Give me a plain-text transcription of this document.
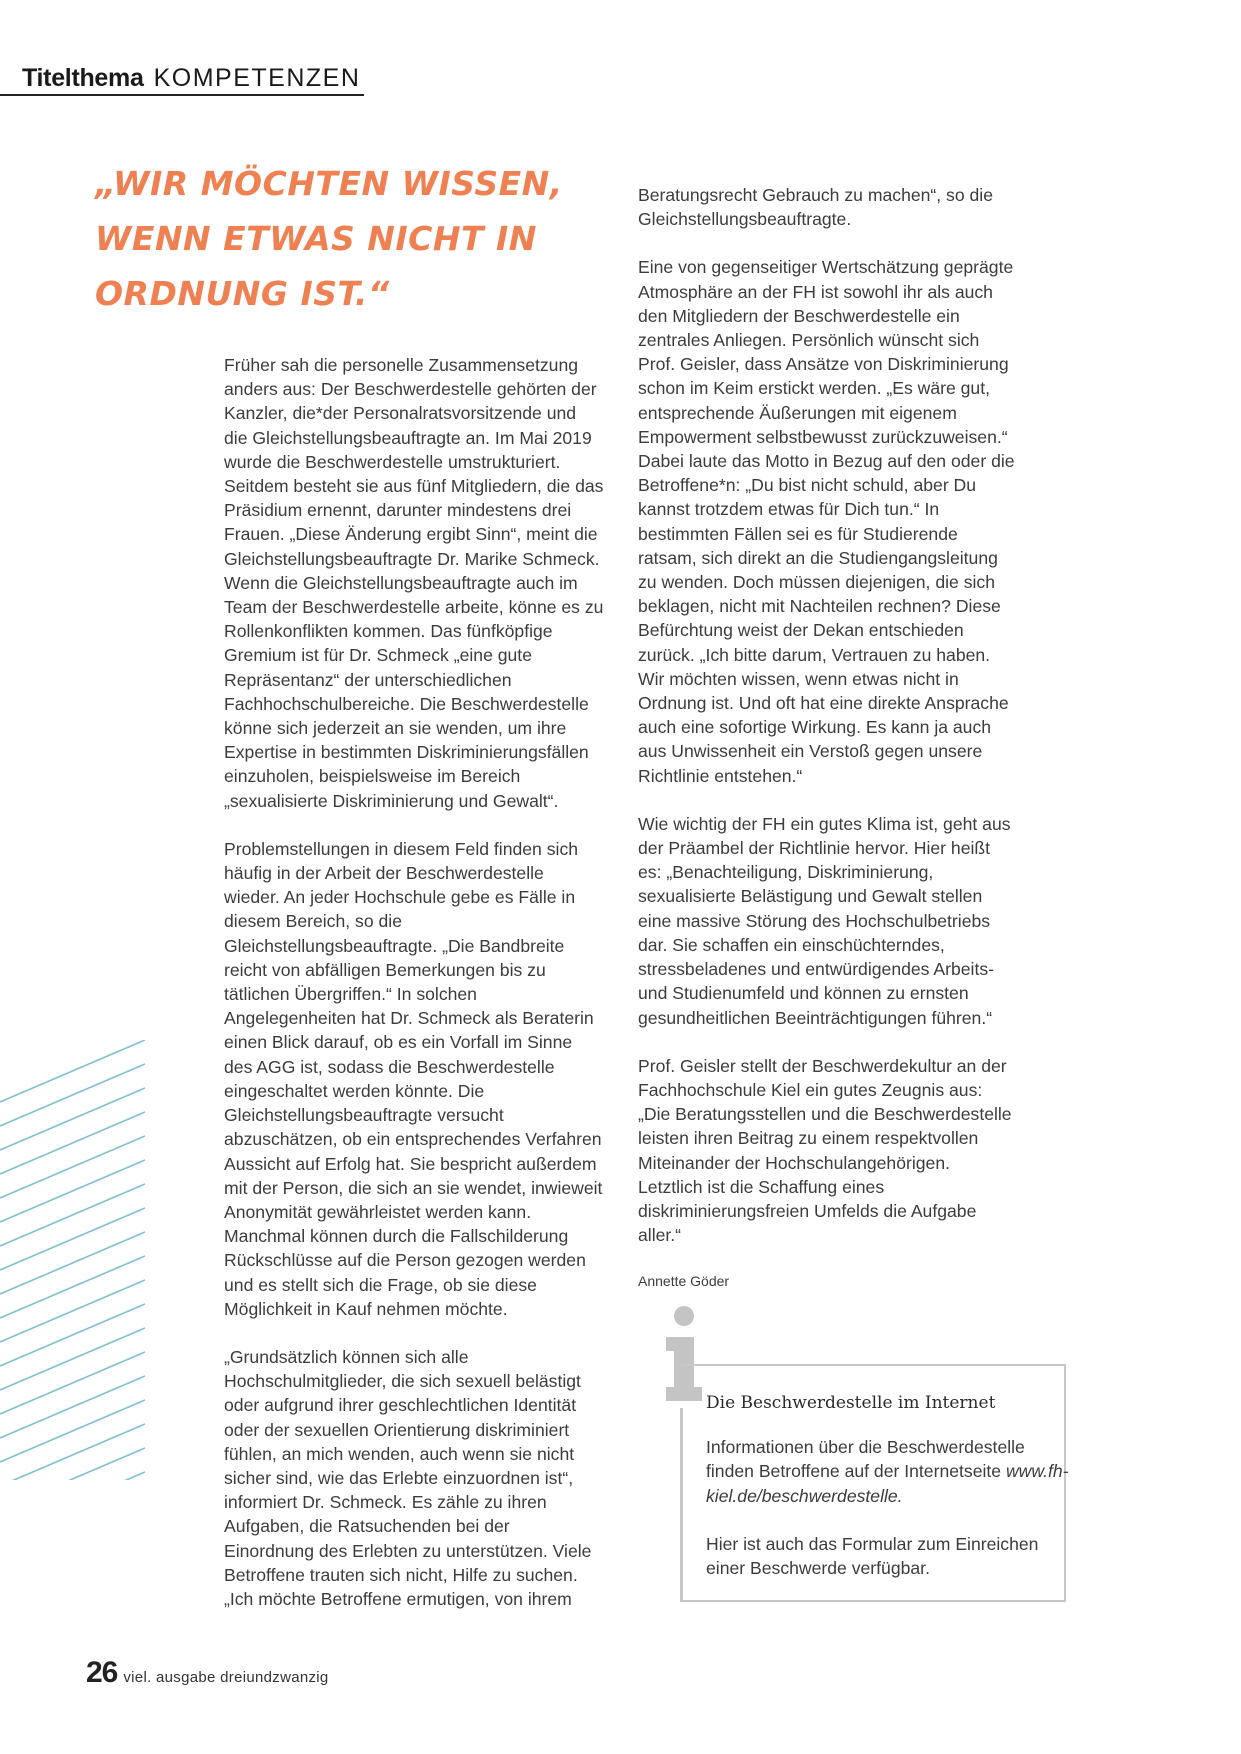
Titelthema KOMPETENZEN
„WIR MÖCHTEN WISSEN,
WENN ETWAS NICHT IN
ORDNUNG IST.“

Früher sah die personelle Zusammensetzung anders aus: Der Beschwerdestelle gehörten der Kanzler, die*der Personalratsvorsitzende und die Gleichstellungsbeauftragte an. Im Mai 2019 wurde die Beschwerdestelle umstrukturiert. Seitdem besteht sie aus fünf Mitgliedern, die das Präsidium ernennt, darunter mindestens drei Frauen. „Diese Änderung ergibt Sinn“, meint die Gleichstellungsbeauftragte Dr. Marike Schmeck. Wenn die Gleichstellungsbeauftragte auch im Team der Beschwerdestelle arbeite, könne es zu Rollenkonflikten kommen. Das fünfköpfige Gremium ist für Dr. Schmeck „eine gute Repräsentanz“ der unterschiedlichen Fachhochschulbereiche. Die Beschwerdestelle könne sich jederzeit an sie wenden, um ihre Expertise in bestimmten Diskriminierungsfällen einzuholen, beispielsweise im Bereich „sexualisierte Diskriminierung und Gewalt“.

Problemstellungen in diesem Feld finden sich häufig in der Arbeit der Beschwerdestelle wieder. An jeder Hochschule gebe es Fälle in diesem Bereich, so die Gleichstellungsbeauftragte. „Die Bandbreite reicht von abfälligen Bemerkungen bis zu tätlichen Übergriffen.“ In solchen Angelegenheiten hat Dr. Schmeck als Beraterin einen Blick darauf, ob es ein Vorfall im Sinne des AGG ist, sodass die Beschwerdestelle eingeschaltet werden könnte. Die Gleichstellungsbeauftragte versucht abzuschätzen, ob ein entsprechendes Verfahren Aussicht auf Erfolg hat. Sie bespricht außerdem mit der Person, die sich an sie wendet, inwieweit Anonymität gewährleistet werden kann. Manchmal können durch die Fallschilderung Rückschlüsse auf die Person gezogen werden und es stellt sich die Frage, ob sie diese Möglichkeit in Kauf nehmen möchte.

„Grundsätzlich können sich alle Hochschulmitglieder, die sich sexuell belästigt oder aufgrund ihrer geschlechtlichen Identität oder der sexuellen Orientierung diskriminiert fühlen, an mich wenden, auch wenn sie nicht sicher sind, wie das Erlebte einzuordnen ist“, informiert Dr. Schmeck. Es zähle zu ihren Aufgaben, die Ratsuchenden bei der Einordnung des Erlebten zu unterstützen. Viele Betroffene trauten sich nicht, Hilfe zu suchen. „Ich möchte Betroffene ermutigen, von ihrem

Beratungsrecht Gebrauch zu machen“, so die Gleichstellungsbeauftragte.

Eine von gegenseitiger Wertschätzung geprägte Atmosphäre an der FH ist sowohl ihr als auch den Mitgliedern der Beschwerdestelle ein zentrales Anliegen. Persönlich wünscht sich Prof. Geisler, dass Ansätze von Diskriminierung schon im Keim erstickt werden. „Es wäre gut, entsprechende Äußerungen mit eigenem Empowerment selbstbewusst zurückzuweisen.“ Dabei laute das Motto in Bezug auf den oder die Betroffene*n: „Du bist nicht schuld, aber Du kannst trotzdem etwas für Dich tun.“ In bestimmten Fällen sei es für Studierende ratsam, sich direkt an die Studiengangsleitung zu wenden. Doch müssen diejenigen, die sich beklagen, nicht mit Nachteilen rechnen? Diese Befürchtung weist der Dekan entschieden zurück. „Ich bitte darum, Vertrauen zu haben. Wir möchten wissen, wenn etwas nicht in Ordnung ist. Und oft hat eine direkte Ansprache auch eine sofortige Wirkung. Es kann ja auch aus Unwissenheit ein Verstoß gegen unsere Richtlinie entstehen.“

Wie wichtig der FH ein gutes Klima ist, geht aus der Präambel der Richtlinie hervor. Hier heißt es: „Benachteiligung, Diskriminierung, sexualisierte Belästigung und Gewalt stellen eine massive Störung des Hochschulbetriebs dar. Sie schaffen ein einschüchterndes, stressbeladenes und entwürdigendes Arbeits- und Studienumfeld und können zu ernsten gesundheitlichen Beeinträchtigungen führen.“

Prof. Geisler stellt der Beschwerdekultur an der Fachhochschule Kiel ein gutes Zeugnis aus: „Die Beratungsstellen und die Beschwerdestelle leisten ihren Beitrag zu einem respektvollen Miteinander der Hochschulangehörigen. Letztlich ist die Schaffung eines diskriminierungsfreien Umfelds die Aufgabe aller.“

Annette Göder
Die Beschwerdestelle im Internet

Informationen über die Beschwerdestelle finden Betroffene auf der Internetseite www.fh-kiel.de/beschwerdestelle.

Hier ist auch das Formular zum Einreichen einer Beschwerde verfügbar.

26 viel. ausgabe dreiundzwanzig
